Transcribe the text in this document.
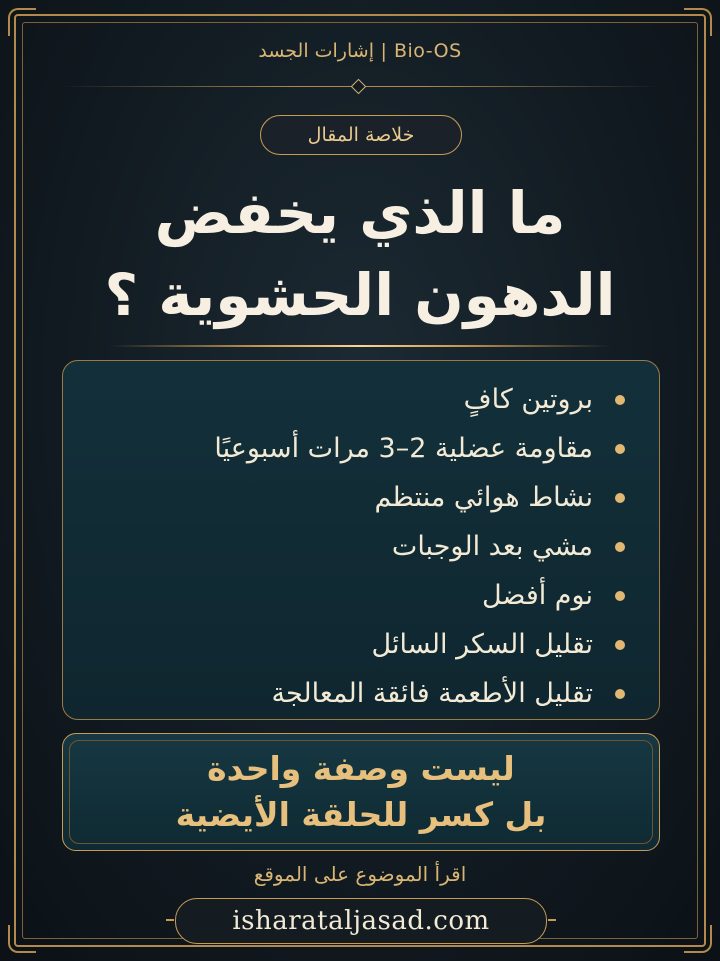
Bio-OS | إشارات الجسد
خلاصة المقال
ما الذي يخفض
الدهون الحشوية ؟
بروتين كافٍ
مقاومة عضلية 2–3 مرات أسبوعيًا
نشاط هوائي منتظم
مشي بعد الوجبات
نوم أفضل
تقليل السكر السائل
تقليل الأطعمة فائقة المعالجة
ليست وصفة واحدة
بل كسر للحلقة الأيضية
اقرأ الموضوع على الموقع
isharataljasad.com
